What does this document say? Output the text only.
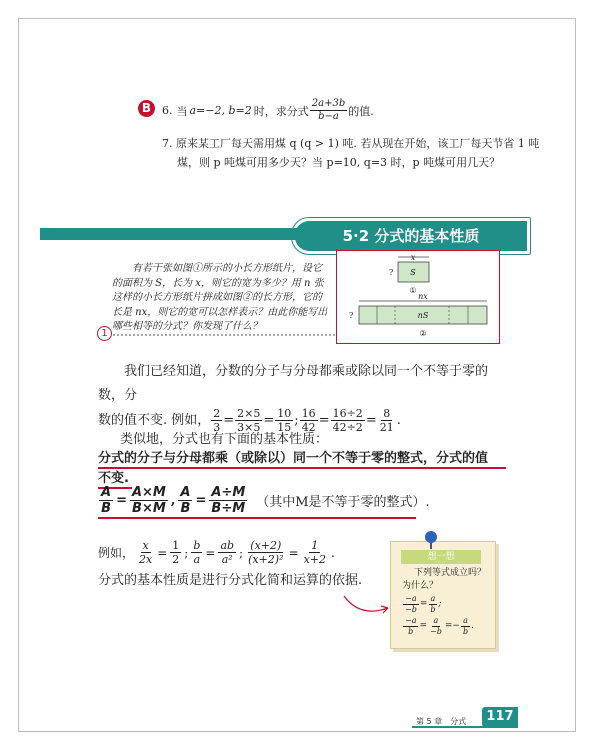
B 6. 当 a=−2, b=2 时，求分式 $\frac{2a+3b}{b-a}$ 的值.
7. 原来某工厂每天需用煤 q (q > 1) 吨. 若从现在开始，该工厂每天节省 1 吨
煤，则 p 吨煤可用多少天？当 p=10, q=3 时，p 吨煤可用几天？
5·2 分式的基本性质
有若干张如图①所示的小长方形纸片，设它的面积为 S，长为 x，则它的宽为多少？用 n 张这样的小长方形纸片拼成如图②的长方形，它的长是 nx，则它的宽可以怎样表示？由此你能写出哪些相等的分式？你发现了什么？
1
x
S
?
①
nx
nS
?
②
我们已经知道，分数的分子与分母都乘或除以同一个不等于零的数，分
数的值不变. 例如， $\frac{2}{3} = \frac{2\times 5}{3\times 5} = \frac{10}{15}$ ; $\frac{16}{42} = \frac{16\div 2}{42\div 2} = \frac{8}{21}$ .
类似地，分式也有下面的基本性质：
分式的分子与分母都乘（或除以）同一个不等于零的整式，分式的值
不变.
$\frac{A}{B} = \frac{A\times M}{B\times M}$ , $\frac{A}{B} = \frac{A\div M}{B\div M}$ （其中M是不等于零的整式）.
例如， $\frac{x}{2x} = \frac{1}{2}$ ; $\frac{b}{a} = \frac{ab}{\text{a²}}$ ; $\frac{(x+2)}{\text{(x+2)²}} = \frac{1}{x+2}$ .
分式的基本性质是进行分式化简和运算的依据.
想一想
下列等式成立吗？
为什么？
$\frac{-a}{-b} = \frac{a}{b}$ ;
$\frac{-a}{b} = \frac{a}{-b} =- \frac{a}{b}$ .
第 5 章　分式	117
